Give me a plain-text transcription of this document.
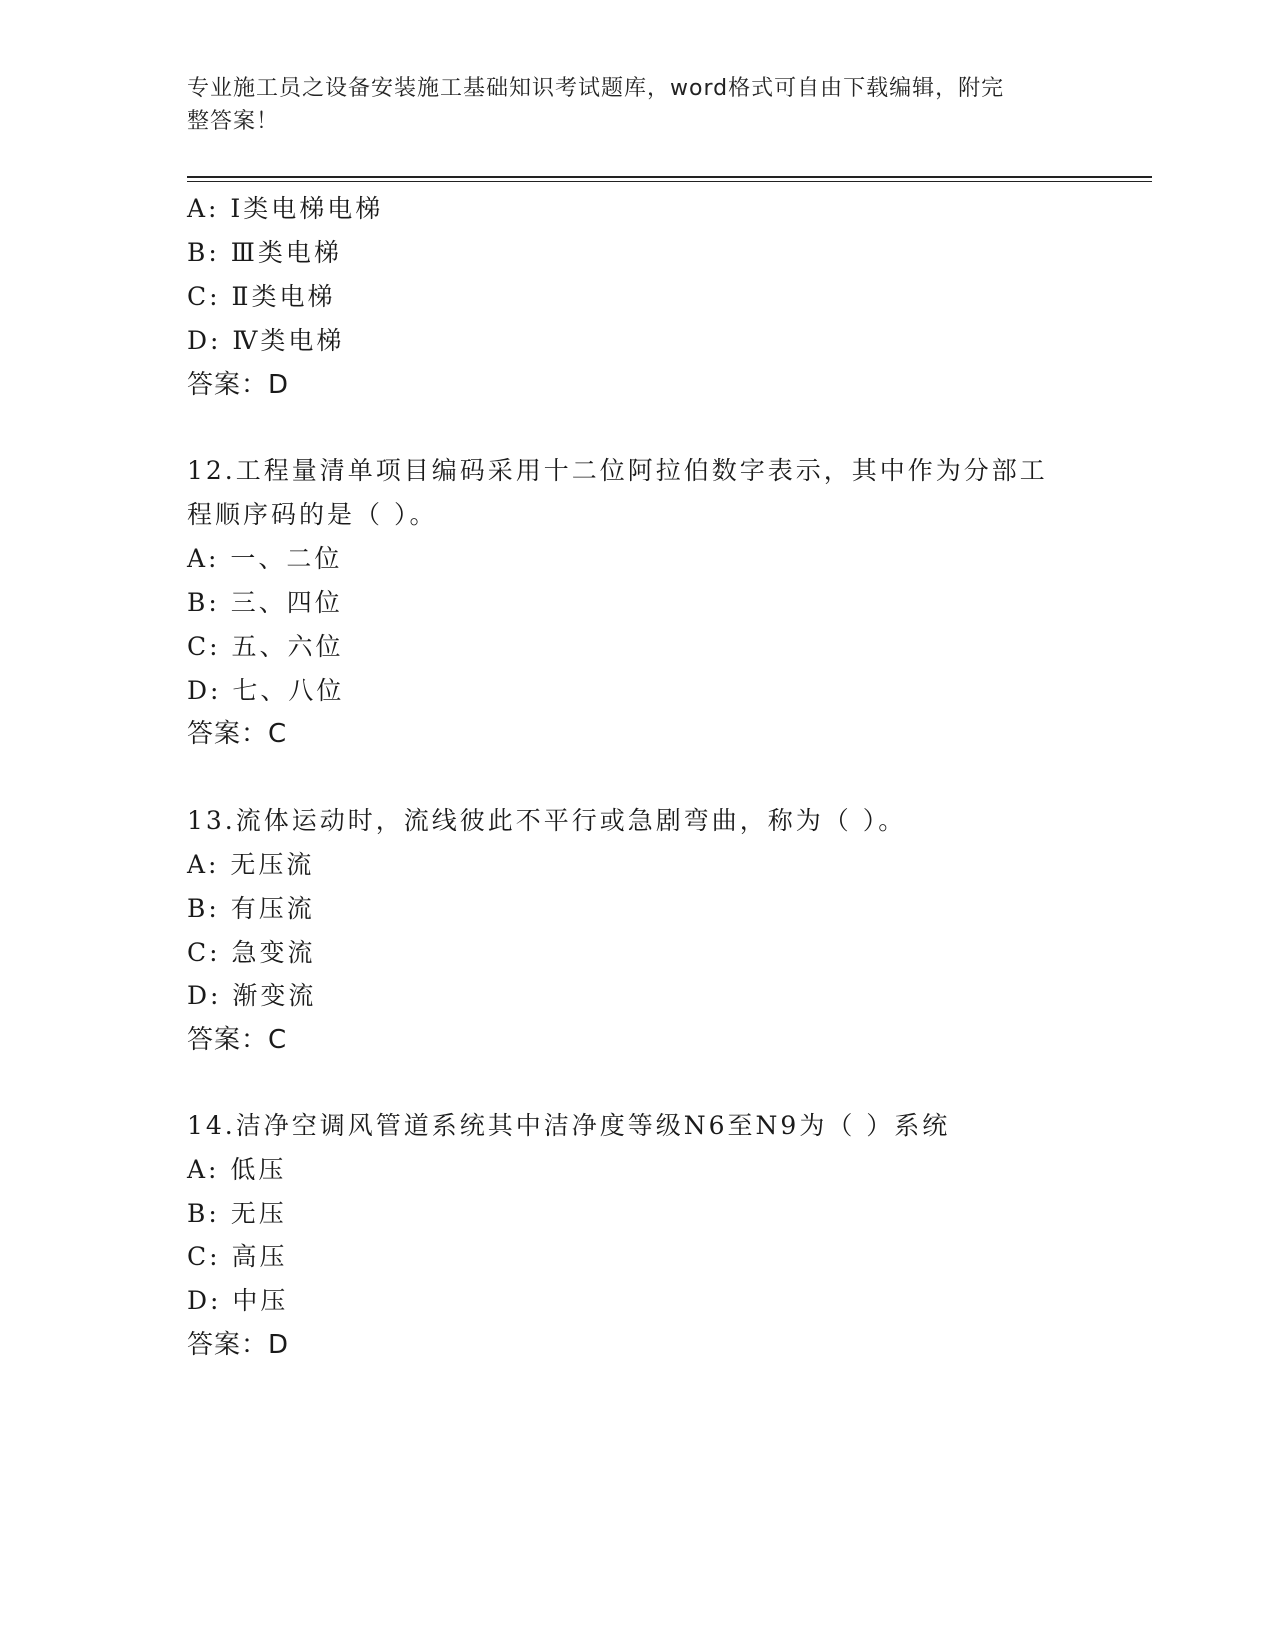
专业施工员之设备安装施工基础知识考试题库，word格式可自由下载编辑，附完
整答案！
A: Ⅰ类电梯电梯
B: Ⅲ类电梯
C: Ⅱ类电梯
D: Ⅳ类电梯
答案：D
12.工程量清单项目编码采用十二位阿拉伯数字表示，其中作为分部工
程顺序码的是（ ）。
A: 一、二位
B: 三、四位
C: 五、六位
D: 七、八位
答案：C
13.流体运动时，流线彼此不平行或急剧弯曲，称为（ ）。
A: 无压流
B: 有压流
C: 急变流
D: 渐变流
答案：C
14.洁净空调风管道系统其中洁净度等级N6至N9为（ ）系统
A: 低压
B: 无压
C: 高压
D: 中压
答案：D
